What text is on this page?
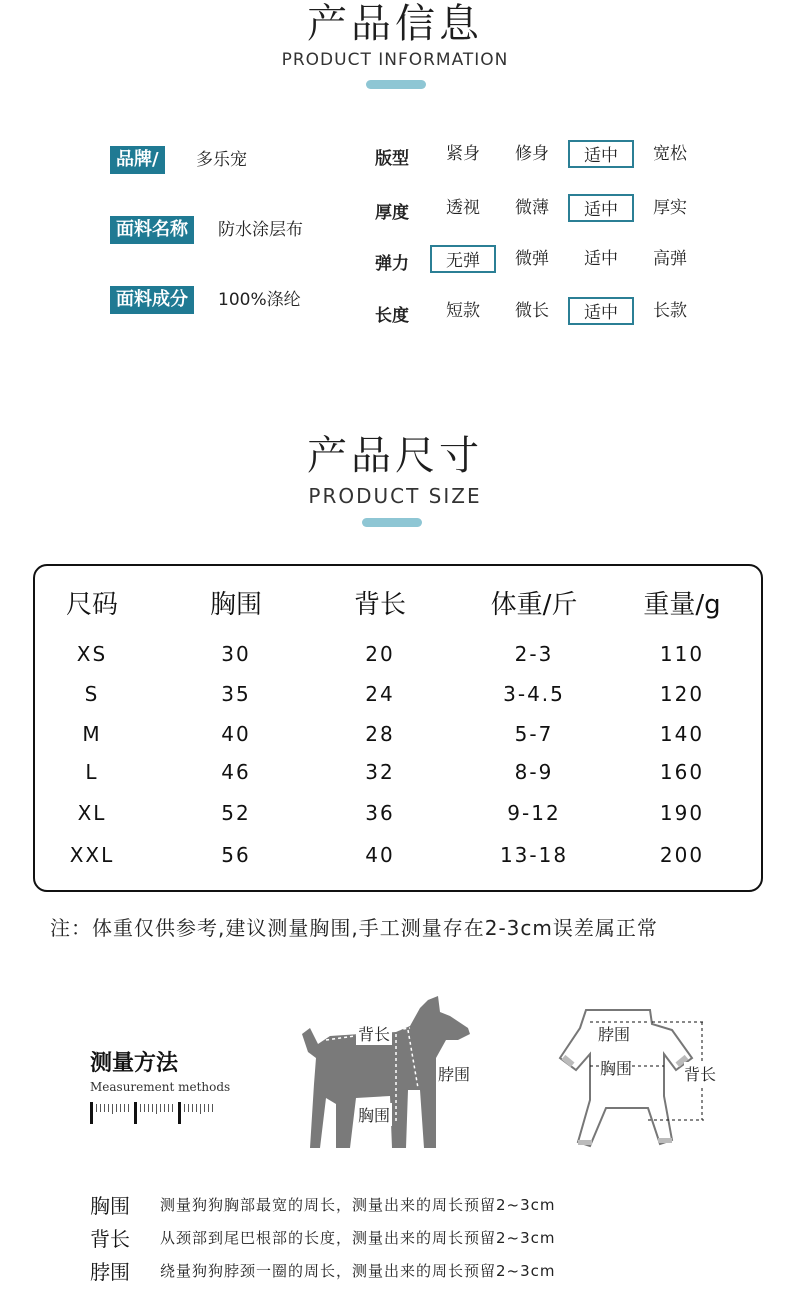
产品信息
PRODUCT INFORMATION
品牌/	多乐宠
面料名称	防水涂层布
面料成分	100%涤纶
版型	紧身	修身	适中	宽松
厚度	透视	微薄	适中	厚实
弹力	无弹	微弹	适中	高弹
长度	短款	微长	适中	长款
产品尺寸
PRODUCT SIZE
尺码	胸围	背长	体重/斤	重量/g
XS	30	20	2-3	110
S	35	24	3-4.5	120
M	40	28	5-7	140
L	46	32	8-9	160
XL	52	36	9-12	190
XXL	56	40	13-18	200
注：体重仅供参考,建议测量胸围,手工测量存在2-3cm误差属正常
测量方法
Measurement methods
背长
脖围
胸围
脖围
胸围	背长
胸围	测量狗狗胸部最宽的周长，测量出来的周长预留2~3cm
背长	从颈部到尾巴根部的长度，测量出来的周长预留2~3cm
脖围	绕量狗狗脖颈一圈的周长，测量出来的周长预留2~3cm
